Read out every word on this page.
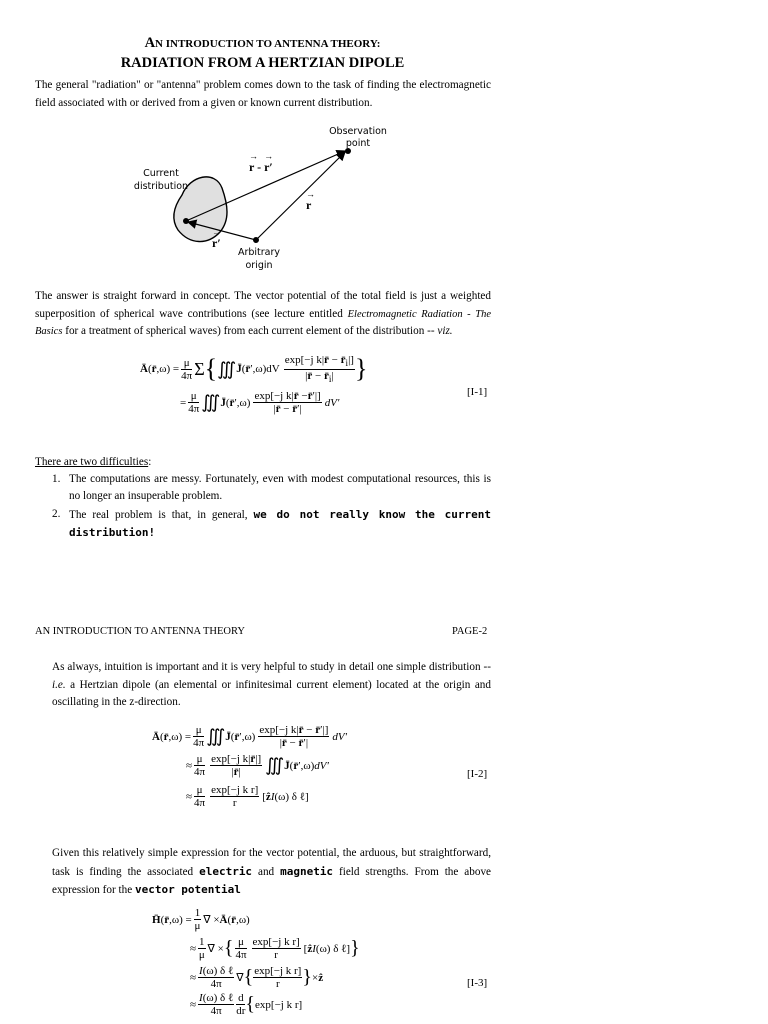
AN INTRODUCTION TO ANTENNA THEORY:
RADIATION FROM A HERTZIAN DIPOLE
The general "radiation" or "antenna" problem comes down to the task of finding the electromagnetic field associated with or derived from a given or known current distribution.
Observation
point
Current
distribution
Arbitrary
origin
→
r -
→
r′
→
r
→
r′
The answer is straight forward in concept. The vector potential of the total field is just a weighted superposition of spherical wave contributions (see lecture entitled Electromagnetic Radiation - The Basics for a treatment of spherical waves) from each current element of the distribution -- viz.
Ā ( r̄ $,\omega) = \frac{\mu}{4\pi}$ Σ { ∭ J̄ ( r̄ $',\omega)dV \frac{\exp[-j k|r̄ - r̄_i|]}{|r̄ - r̄_i|}$ }
= $\frac{\mu}{4\pi}$ ∭ J̄ ( r̄ $',\omega) \frac{\text{exp[−j k|r̄ −r̄′|]}}{|r̄ - r̄'|} dV'$
[I-1]
There are two difficulties:
1. The computations are messy. Fortunately, even with modest computational resources, this is no longer an insuperable problem.
2. The real problem is that, in general, we do not really know the current distribution!
AN INTRODUCTION TO ANTENNA THEORY	PAGE-2
As always, intuition is important and it is very helpful to study in detail one simple distribution -- i.e. a Hertzian dipole (an elemental or infinitesimal current element) located at the origin and oscillating in the z-direction.
Ā ( r̄ $,\omega) = \frac{\mu}{4\pi}$ ∭ J̄ ( r̄ $',\omega) \frac{\text{exp[−j k|r̄ − r̄′|]}}{|r̄ - r̄'|} dV'$
≈ $\frac{\mu}{4\pi} \frac{\text{exp[−j k|r̄|]}}{|r̄|}$ ∭ J̄ ( r̄ ′,ω) dV′
≈ $\frac{\mu}{4\pi} \frac{\text{exp[−j k r]}}{r}$ [ ẑ I (ω) δ ℓ]
[I-2]
Given this relatively simple expression for the vector potential, the arduous, but straightforward, task is finding the associated electric and magnetic field strengths. From the above expression for the vector potential
H̄ ( r̄ $,\omega) = \frac{1}{\mu}$ ∇̄ × Ā ( r̄ ,ω)
≈ $\frac{1}{\mu}$ ∇̄ × { $\frac{\mu}{4\pi} \frac{\text{exp[−j k r]}}{r}$ [ ẑ I (ω) δ ℓ] }
≈ $\frac{\text{I(ω) δ ℓ}}{4\pi}$ ∇̄ { $\frac{\text{exp[−j k r]}}{r}$ } × ẑ
≈ $\frac{\text{I(ω) δ ℓ}}{4\pi} \frac{d}{dr}$ { exp[−j k r]
[I-3]
